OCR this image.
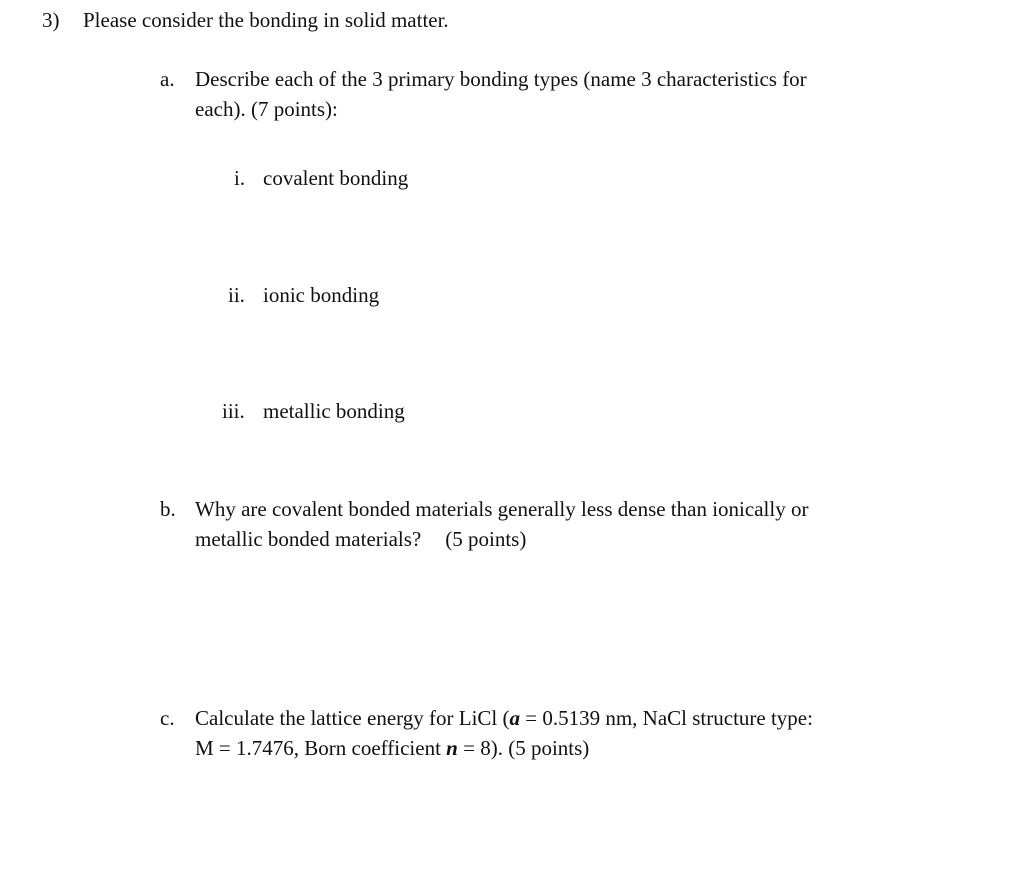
3) Please consider the bonding in solid matter.
a. Describe each of the 3 primary bonding types (name 3 characteristics for
each). (7 points):
i. covalent bonding
ii. ionic bonding
iii. metallic bonding
b. Why are covalent bonded materials generally less dense than ionically or
metallic bonded materials? (5 points)
c. Calculate the lattice energy for LiCl (a = 0.5139 nm, NaCl structure type:
M = 1.7476, Born coefficient n = 8). (5 points)
